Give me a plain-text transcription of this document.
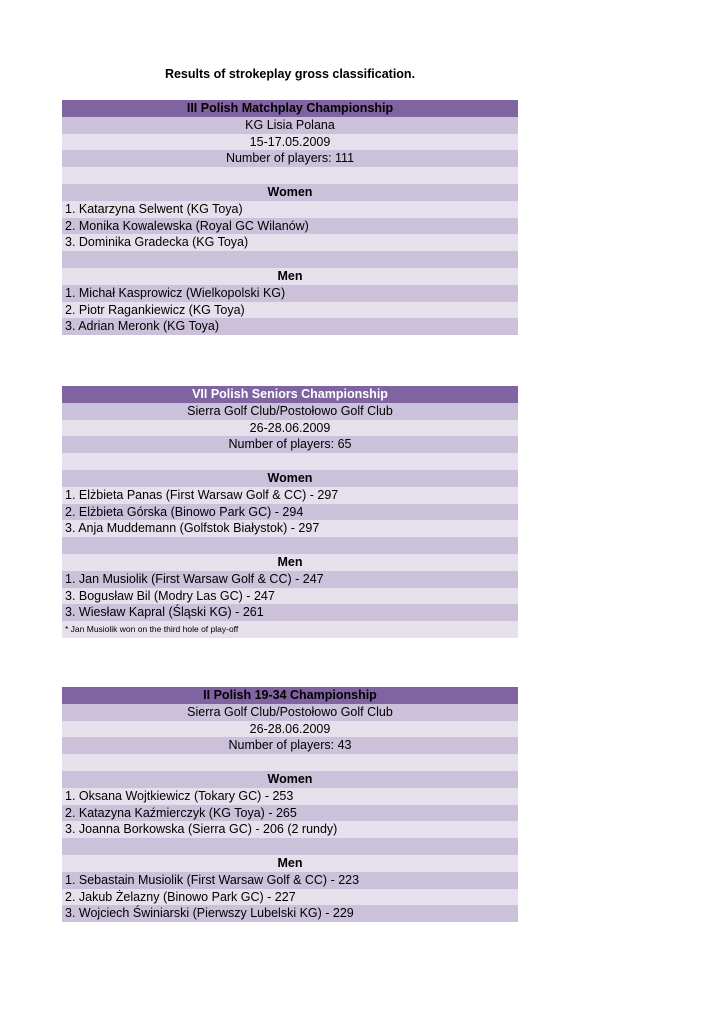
Results of strokeplay gross classification.
III Polish Matchplay Championship
KG Lisia Polana
15-17.05.2009
Number of players: 111
Women
1. Katarzyna Selwent (KG Toya)
2. Monika Kowalewska (Royal GC Wilanów)
3. Dominika Gradecka (KG Toya)
Men
1. Michał Kasprowicz (Wielkopolski KG)
2. Piotr Ragankiewicz (KG Toya)
3. Adrian Meronk (KG Toya)
VII Polish Seniors Championship
Sierra Golf Club/Postołowo Golf Club
26-28.06.2009
Number of players: 65
Women
1. Elżbieta Panas (First Warsaw Golf & CC) - 297
2. Elżbieta Górska (Binowo Park GC) - 294
3. Anja Muddemann (Golfstok Białystok) - 297
Men
1. Jan Musiolik (First Warsaw Golf & CC) - 247
3. Bogusław Bil (Modry Las GC) - 247
3. Wiesław Kapral (Śląski KG) - 261
* Jan Musiolik won on the third hole of play-off
II Polish 19-34 Championship
Sierra Golf Club/Postołowo Golf Club
26-28.06.2009
Number of players: 43
Women
1. Oksana Wojtkiewicz (Tokary GC) - 253
2. Katazyna Kaźmierczyk (KG Toya) - 265
3. Joanna Borkowska (Sierra GC) - 206 (2 rundy)
Men
1. Sebastain Musiolik (First Warsaw Golf & CC) - 223
2. Jakub Żelazny (Binowo Park GC) - 227
3. Wojciech Świniarski (Pierwszy Lubelski KG) - 229
